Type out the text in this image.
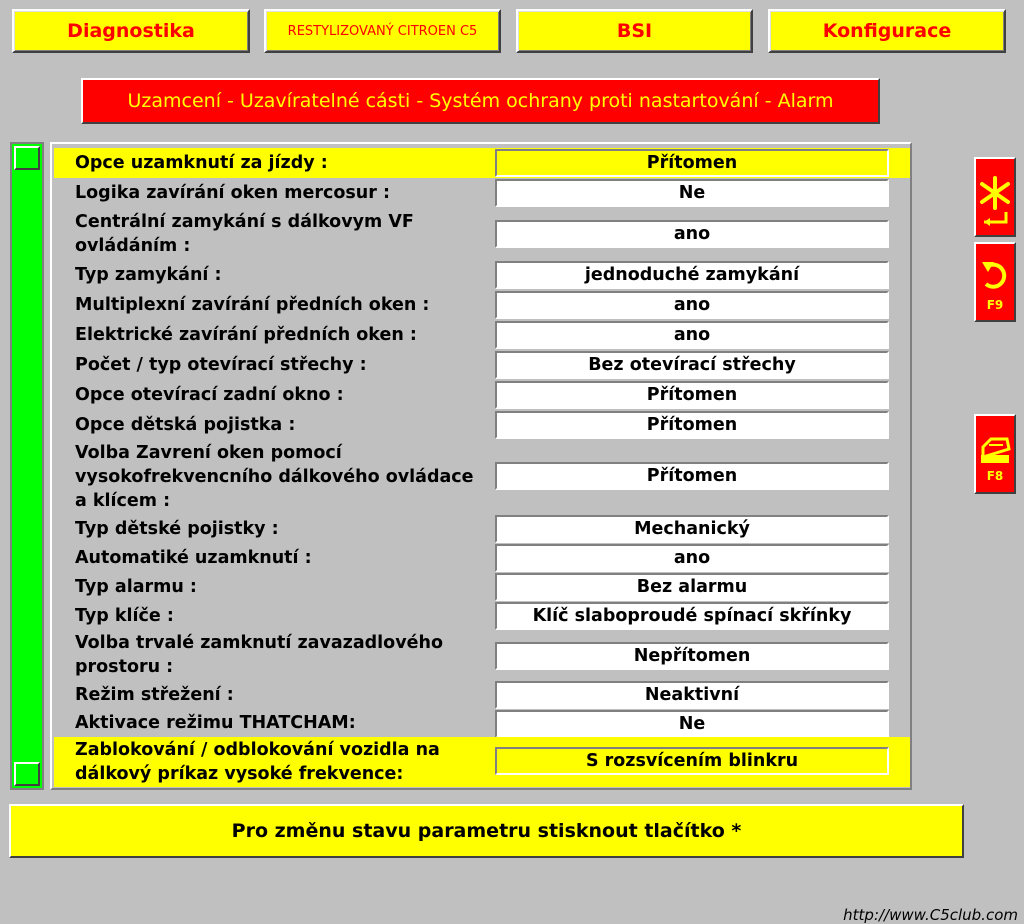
Diagnostika	RESTYLIZOVANÝ CITROEN C5	BSI	Konfigurace
Uzamcení - Uzavíratelné cásti - Systém ochrany proti nastartování - Alarm
Opce uzamknutí za jízdy :	Přítomen
Logika zavírání oken mercosur :	Ne
Centrální zamykání s dálkovym VF ovládáním :
ano
Typ zamykání :	jednoduché zamykání
Multiplexní zavírání předních oken :	ano
Elektrické zavírání předních oken :	ano
Počet / typ otevírací střechy :	Bez otevírací střechy
Opce otevírací zadní okno :	Přítomen
Opce dětská pojistka :	Přítomen
Volba Zavrení oken pomocí vysokofrekvencního dálkového ovládace a klícem :
Přítomen
Typ dětské pojistky :	Mechanický
Automatiké uzamknutí :	ano
Typ alarmu :	Bez alarmu
Typ klíče :	Klíč slaboproudé spínací skřínky
Volba trvalé zamknutí zavazadlového prostoru :
Nepřítomen
Režim střežení :	Neaktivní
Aktivace režimu THATCHAM:	Ne
Zablokování / odblokování vozidla na dálkový príkaz vysoké frekvence:
S rozsvícením blinkru
F9
F8
Pro změnu stavu parametru stisknout tlačítko *
http://www.C5club.com
